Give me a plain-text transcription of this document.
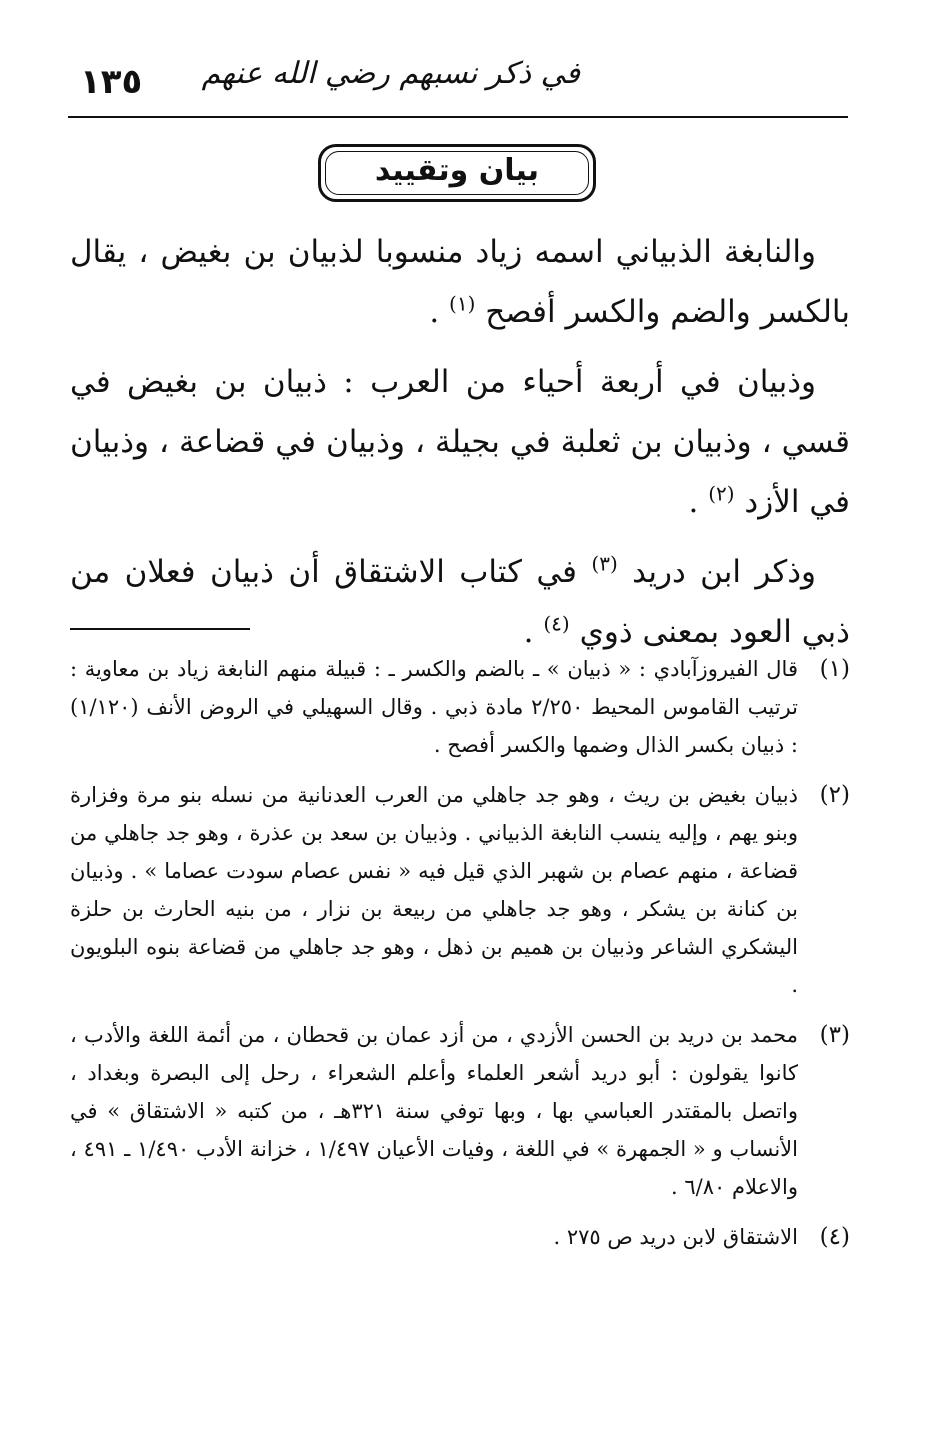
١٣٥ في ذكر نسبهم رضي الله عنهم
بيان وتقييد

والنابغة الذبياني اسمه زياد منسوبا لذبيان بن بغيض ، يقال بالكسر والضم والكسر أفصح $^{(١)}$ .

وذبيان في أربعة أحياء من العرب : ذبيان بن بغيض في قسي ، وذبيان بن ثعلبة في بجيلة ، وذبيان في قضاعة ، وذبيان في الأزد $^{(٢)}$ .

وذكر ابن دريد $^{(٣)}$ في كتاب الاشتقاق أن ذبيان فعلان من ذبي العود بمعنى ذوي $^{(٤)}$ .

(١)قال الفيروزآبادي : « ذبيان » ـ بالضم والكسر ـ : قبيلة منهم النابغة زياد بن معاوية : ترتيب القاموس المحيط ٢/٢٥٠ مادة ذبي . وقال السهيلي في الروض الأنف (١/١٢٠) : ذبيان بكسر الذال وضمها والكسر أفصح .
(٢)ذبيان بغيض بن ريث ، وهو جد جاهلي من العرب العدنانية من نسله بنو مرة وفزارة وبنو يهم ، وإليه ينسب النابغة الذبياني . وذبيان بن سعد بن عذرة ، وهو جد جاهلي من قضاعة ، منهم عصام بن شهبر الذي قيل فيه « نفس عصام سودت عصاما » . وذبيان بن كنانة بن يشكر ، وهو جد جاهلي من ربيعة بن نزار ، من بنيه الحارث بن حلزة اليشكري الشاعر وذبيان بن هميم بن ذهل ، وهو جد جاهلي من قضاعة بنوه البلويون .
(٣)محمد بن دريد بن الحسن الأزدي ، من أزد عمان بن قحطان ، من أئمة اللغة والأدب ، كانوا يقولون : أبو دريد أشعر العلماء وأعلم الشعراء ، رحل إلى البصرة وبغداد ، واتصل بالمقتدر العباسي بها ، وبها توفي سنة ٣٢١هـ ، من كتبه « الاشتقاق » في الأنساب و « الجمهرة » في اللغة ، وفيات الأعيان ١/٤٩٧ ، خزانة الأدب ١/٤٩٠ ـ ٤٩١ ، والاعلام ٦/٨٠ .
(٤)الاشتقاق لابن دريد ص ٢٧٥ .
